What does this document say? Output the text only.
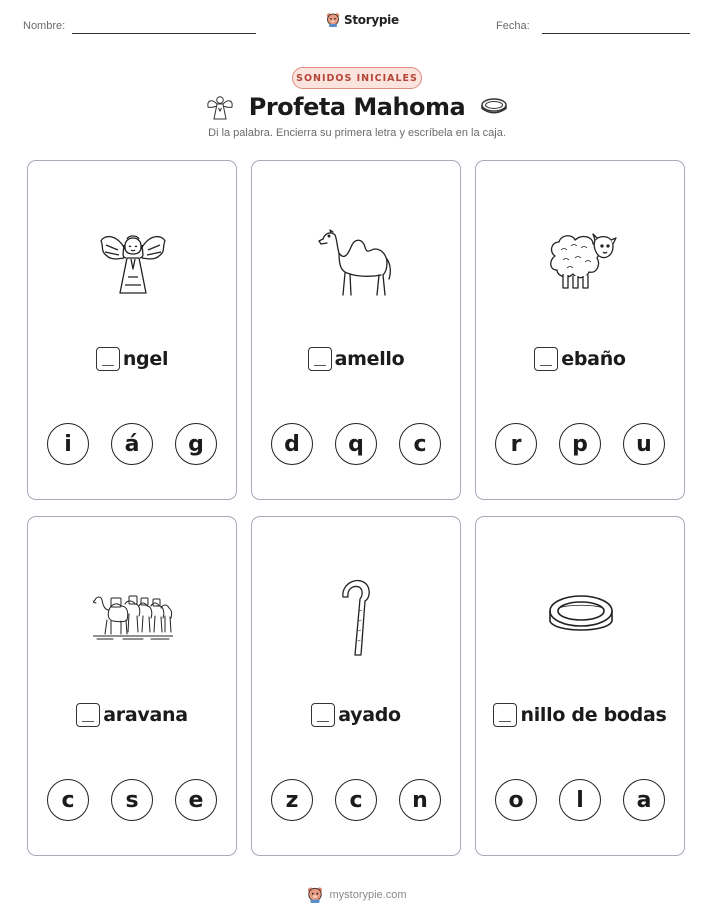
Nombre:	Storypie	Fecha:
SONIDOS INICIALES
Profeta Mahoma
Di la palabra. Encierra su primera letra y escríbela en la caja.
ngel
i	á	g
amello
d	q	c
ebaño
r	p	u
aravana
c	s	e
ayado
z	c	n
nillo de bodas
o	l	a
mystorypie.com
